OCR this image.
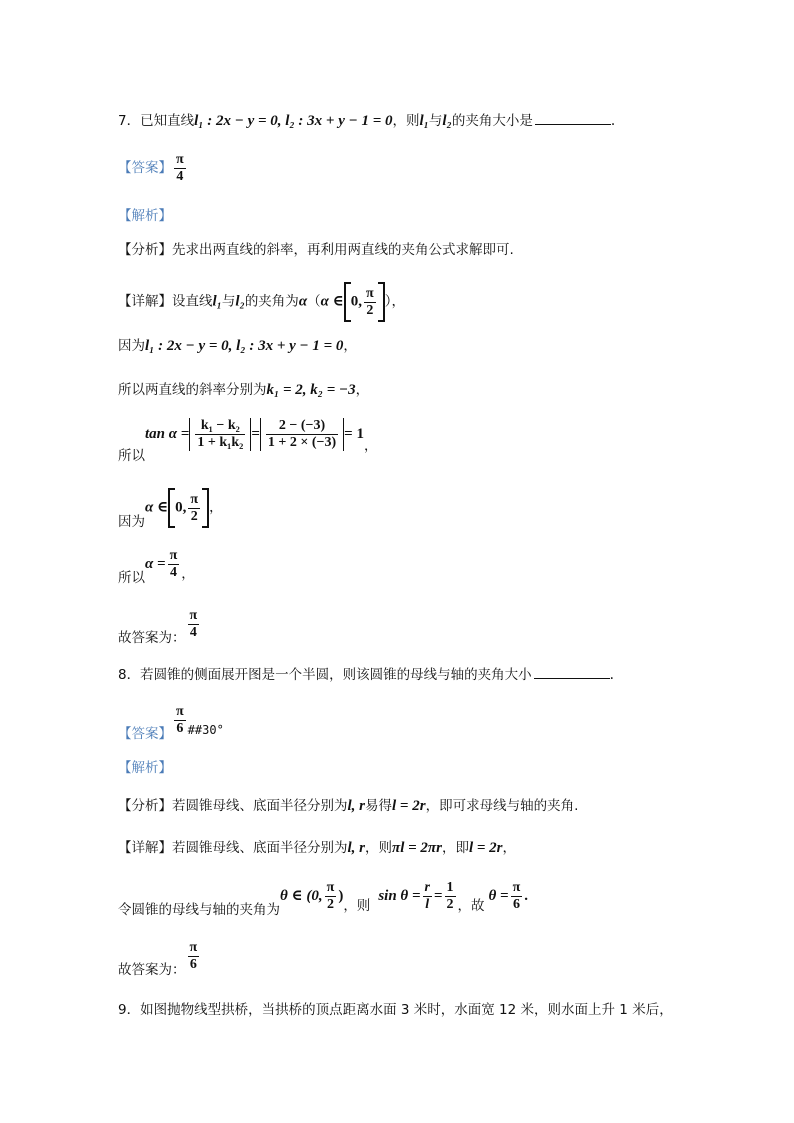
7．已知直线l₁ : 2x − y = 0, l₂ : 3x + y − 1 = 0，则l₁与l₂的夹角大小是	.
【答案】 $\frac{\pi}{4}$
【解析】
【分析】先求出两直线的斜率，再利用两直线的夹角公式求解即可.
【详解】设直线l₁与l₂的夹角为α（α ∈ 0, $\frac{\pi}{2}$ ），
因为l₁ : 2x − y = 0, l₂ : 3x + y − 1 = 0，
所以两直线的斜率分别为k₁ = 2, k₂ = −3，
所以$\tan \alpha = \frac{\text{k₁ − k₂}}{\text{1 + k₁k₂}} = \frac{2 - (-3)}{1 + 2 \times (-3)} = 1$，
因为α ∈ 0, $\frac{\pi}{2}$ ，
所以$\alpha = \frac{\pi}{4}$ ，
故答案为： $\frac{\pi}{4}$
8．若圆锥的侧面展开图是一个半圆，则该圆锥的母线与轴的夹角大小	.
【答案】 $\frac{\pi}{6}$ ##30°
【解析】
【分析】若圆锥母线、底面半径分别为l, r易得l = 2r，即可求母线与轴的夹角.
【详解】若圆锥母线、底面半径分别为l, r，则πl = 2πr，即l = 2r，
令圆锥的母线与轴的夹角为θ ∈ (0, $\frac{\pi}{2}$ )，则$\sin \theta = \frac{r}{l} = \frac{1}{2}$ ，故$\theta = \frac{\pi}{6}$ .
故答案为： $\frac{\pi}{6}$
9．如图抛物线型拱桥，当拱桥的顶点距离水面 3 米时，水面宽 12 米，则水面上升 1 米后，
